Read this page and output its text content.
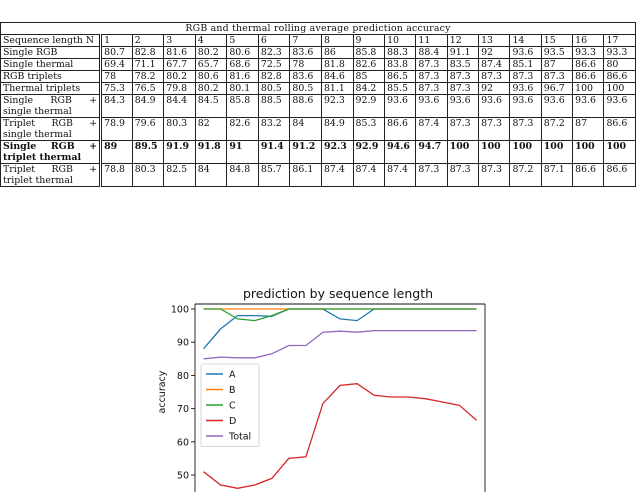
RGB and thermal rolling average prediction accuracy																	
Sequence length N	1	2	3	4	5	6	7	8	9	10	11	12	13	14	15	16	17
Single RGB	80.7	82.8	81.6	80.2	80.6	82.3	83.6	86	85.8	88.3	88.4	91.1	92	93.6	93.5	93.3	93.3
Single thermal	69.4	71.1	67.7	65.7	68.6	72.5	78	81.8	82.6	83.8	87.3	83.5	87.4	85.1	87	86.6	80
RGB triplets	78	78.2	80.2	80.6	81.6	82.8	83.6	84.6	85	86.5	87.3	87.3	87.3	87.3	87.3	86.6	86.6
Thermal triplets	75.3	76.5	79.8	80.2	80.1	80.5	80.5	81.1	84.2	85.5	87.3	87.3	92	93.6	96.7	100	100
Single RGB + single thermal	84.3	84.9	84.4	84.5	85.8	88.5	88.6	92.3	92.9	93.6	93.6	93.6	93.6	93.6	93.6	93.6	93.6
Triplet RGB + single thermal	78.9	79.6	80.3	82	82.6	83.2	84	84.9	85.3	86.6	87.4	87.3	87.3	87.3	87.2	87	86.6
Single RGB + triplet thermal	89	89.5	91.9	91.8	91	91.4	91.2	92.3	92.9	94.6	94.7	100	100	100	100	100	100
Triplet RGB + triplet thermal	78.8	80.3	82.5	84	84.8	85.7	86.1	87.4	87.4	87.4	87.3	87.3	87.3	87.2	87.1	86.6	86.6
prediction by sequence length
accuracy
50
60
70
80
90
100
A
B
C
D
Total
